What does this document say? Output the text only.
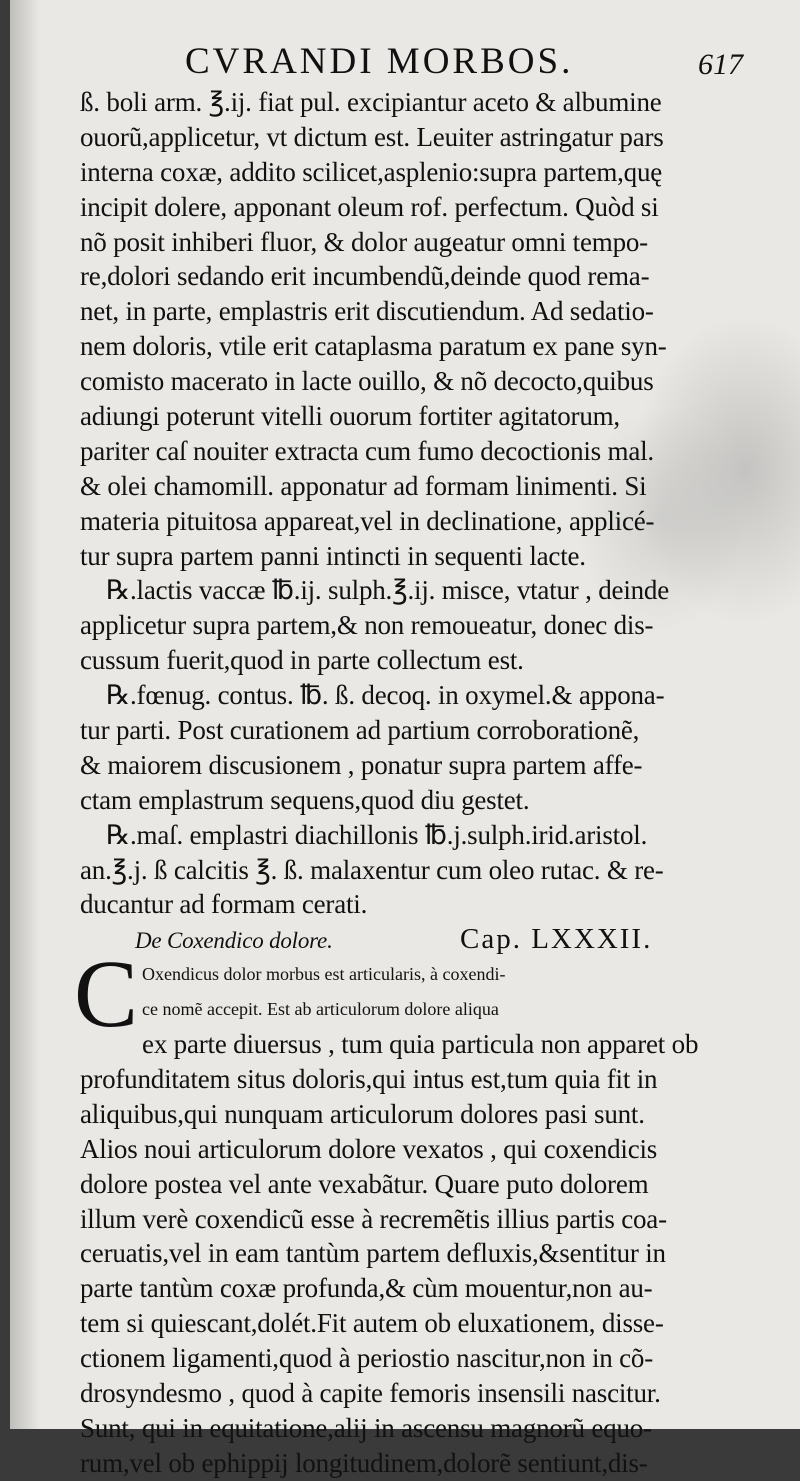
CVRANDI MORBOS.	617
ß. boli arm. ℥.ij. fiat pul. excipiantur aceto & albumine
ouorũ,applicetur, vt dictum est. Leuiter astringatur pars
interna coxæ, addito scilicet,asplenio:supra partem,quę
incipit dolere, apponant oleum rof. perfectum. Quòd si
nõ posit inhiberi fluor, & dolor augeatur omni tempo-
re,dolori sedando erit incumbendũ,deinde quod rema-
net, in parte, emplastris erit discutiendum. Ad sedatio-
nem doloris, vtile erit cataplasma paratum ex pane syn-
comisto macerato in lacte ouillo, & nõ decocto,quibus
adiungi poterunt vitelli ouorum fortiter agitatorum,
pariter caſ nouiter extracta cum fumo decoctionis mal.
& olei chamomill. apponatur ad formam linimenti. Si
materia pituitosa appareat,vel in declinatione, applicé-
tur supra partem panni intincti in sequenti lacte.
℞.lactis vaccæ ℔.ij. sulph.℥.ij. misce, vtatur , deinde
applicetur supra partem,& non remoueatur, donec dis-
cussum fuerit,quod in parte collectum est.
℞.fœnug. contus. ℔. ß. decoq. in oxymel.& appona-
tur parti. Post curationem ad partium corroborationẽ,
& maiorem discusionem , ponatur supra partem affe-
ctam emplastrum sequens,quod diu gestet.
℞.maſ. emplastri diachillonis ℔.j.sulph.irid.aristol.
an.℥.j. ß calcitis ℥. ß. malaxentur cum oleo rutac. & re-
ducantur ad formam cerati.
De Coxendico dolore.	Cap. LXXXII.
C Oxendicus dolor morbus est articularis, à coxendi-
ce nomẽ accepit. Est ab articulorum dolore aliqua
ex parte diuersus , tum quia particula non apparet ob
profunditatem situs doloris,qui intus est,tum quia fit in
aliquibus,qui nunquam articulorum dolores pasi sunt.
Alios noui articulorum dolore vexatos , qui coxendicis
dolore postea vel ante vexabãtur. Quare puto dolorem
illum verè coxendicũ esse à recremẽtis illius partis coa-
ceruatis,vel in eam tantùm partem defluxis,&sentitur in
parte tantùm coxæ profunda,& cùm mouentur,non au-
tem si quiescant,dolét.Fit autem ob eluxationem, disse-
ctionem ligamenti,quod à periostio nascitur,non in cõ-
drosyndesmo , quod à capite femoris insensili nascitur.
Sunt, qui in equitatione,alij in ascensu magnorũ equo-
rum,vel ob ephippij longitudinem,dolorẽ sentiunt,dis-
